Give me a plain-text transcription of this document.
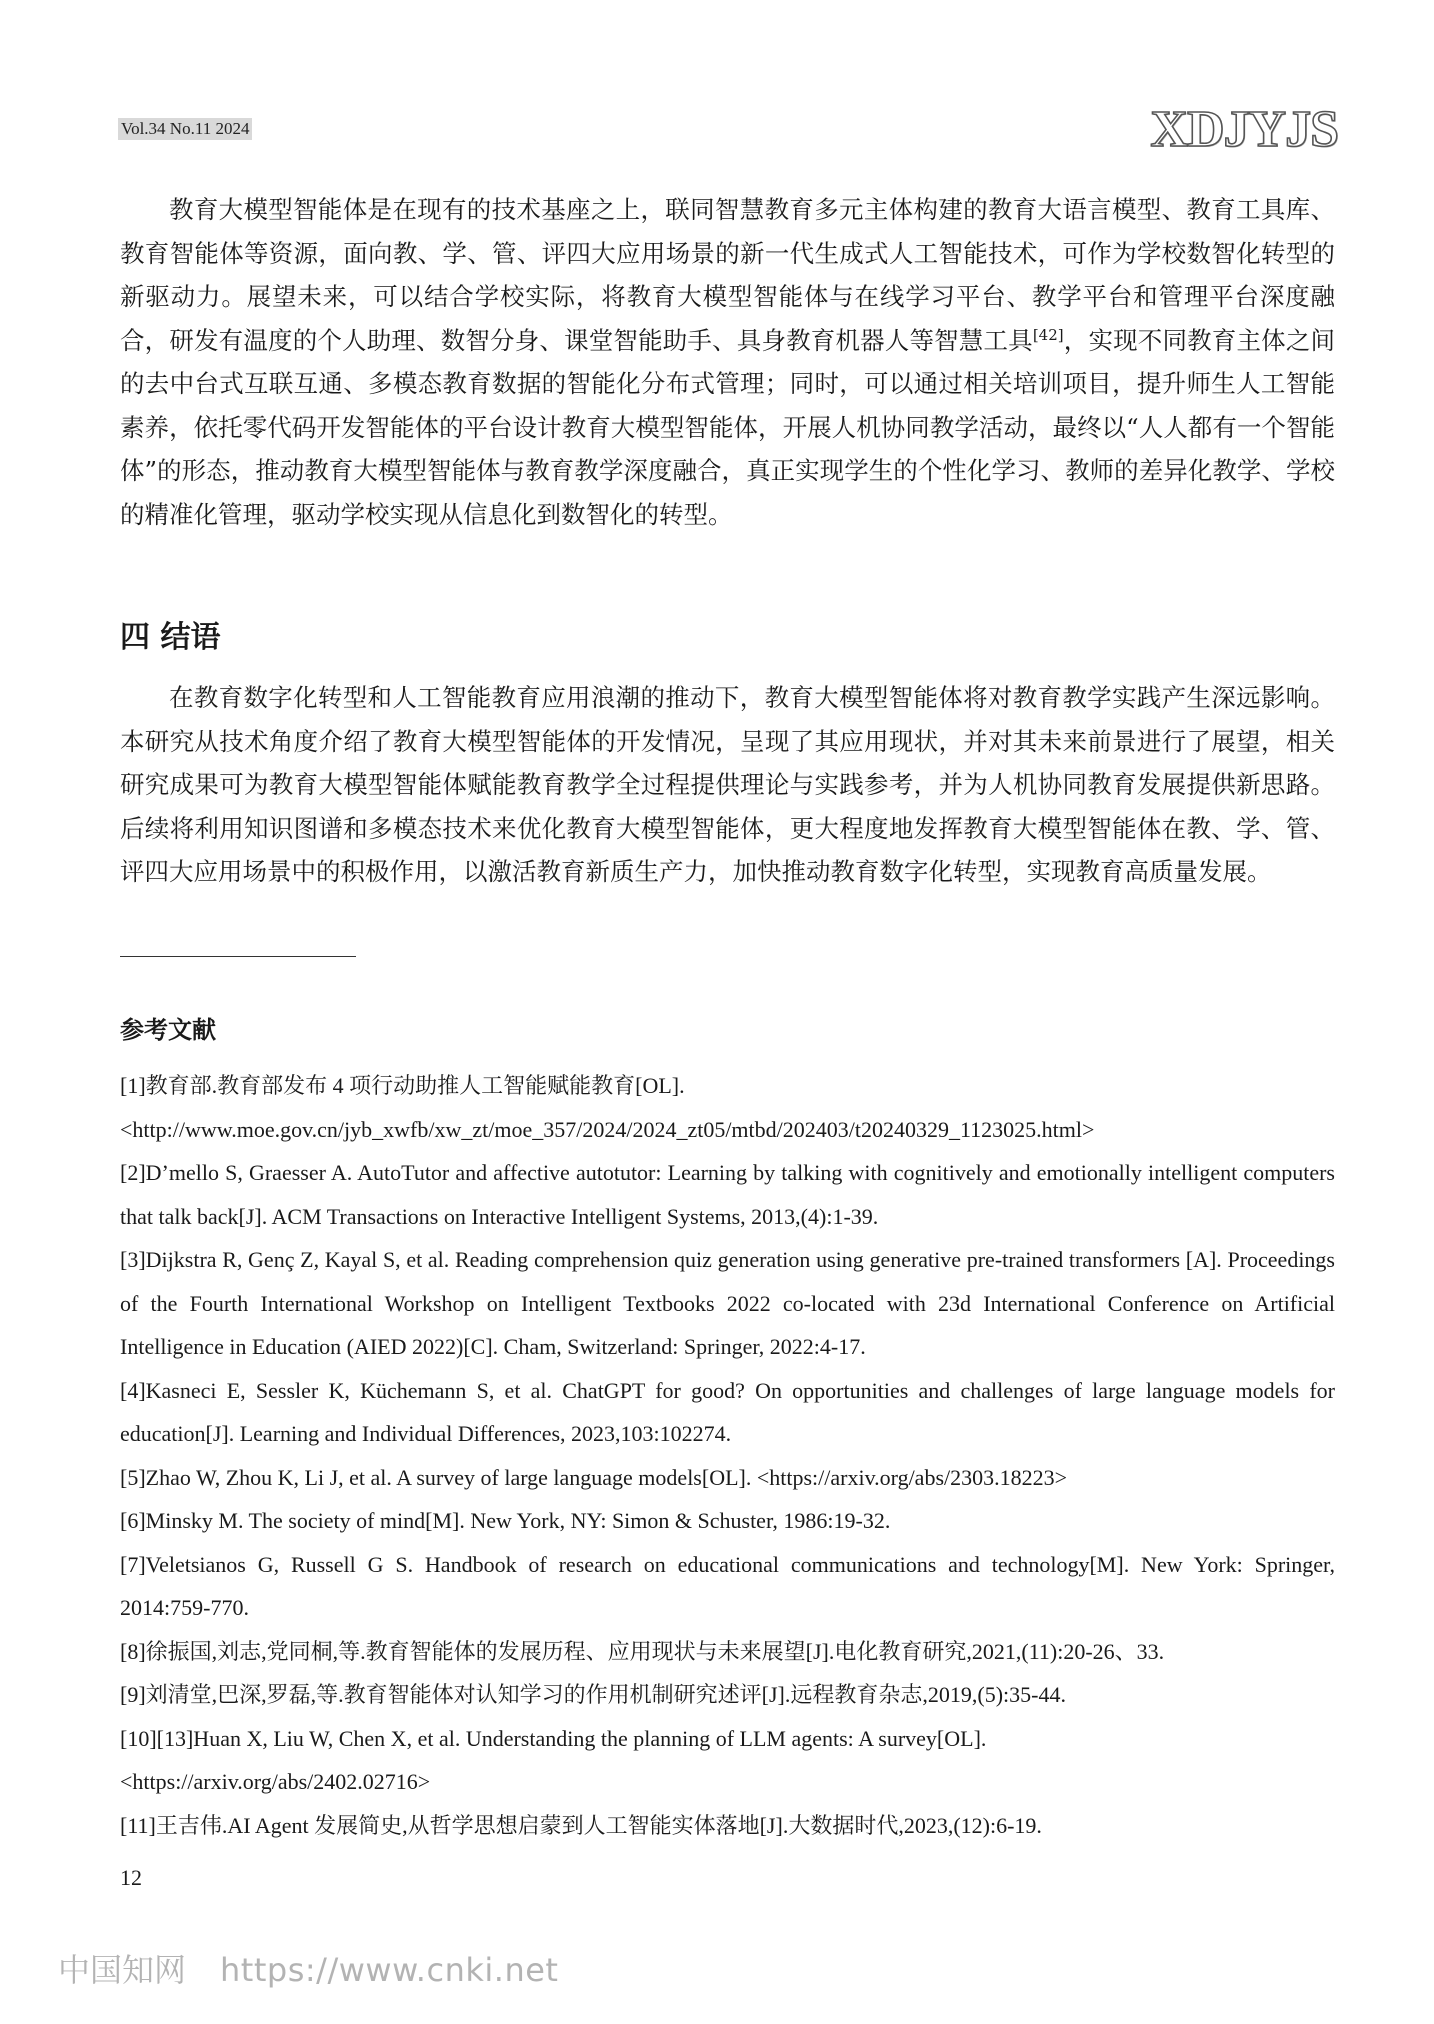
Vol.34 No.11 2024	XDJYJS

教育大模型智能体是在现有的技术基座之上，联同智慧教育多元主体构建的教育大语言模型、教育工具库、教育智能体等资源，面向教、学、管、评四大应用场景的新一代生成式人工智能技术，可作为学校数智化转型的新驱动力。展望未来，可以结合学校实际，将教育大模型智能体与在线学习平台、教学平台和管理平台深度融合，研发有温度的个人助理、数智分身、课堂智能助手、具身教育机器人等智慧工具[42]，实现不同教育主体之间的去中台式互联互通、多模态教育数据的智能化分布式管理；同时，可以通过相关培训项目，提升师生人工智能素养，依托零代码开发智能体的平台设计教育大模型智能体，开展人机协同教学活动，最终以“人人都有一个智能体”的形态，推动教育大模型智能体与教育教学深度融合，真正实现学生的个性化学习、教师的差异化教学、学校的精准化管理，驱动学校实现从信息化到数智化的转型。

四 结语

在教育数字化转型和人工智能教育应用浪潮的推动下，教育大模型智能体将对教育教学实践产生深远影响。本研究从技术角度介绍了教育大模型智能体的开发情况，呈现了其应用现状，并对其未来前景进行了展望，相关研究成果可为教育大模型智能体赋能教育教学全过程提供理论与实践参考，并为人机协同教育发展提供新思路。后续将利用知识图谱和多模态技术来优化教育大模型智能体，更大程度地发挥教育大模型智能体在教、学、管、评四大应用场景中的积极作用，以激活教育新质生产力，加快推动教育数字化转型，实现教育高质量发展。

参考文献

[1]教育部.教育部发布 4 项行动助推人工智能赋能教育[OL].

<http://www.moe.gov.cn/jyb_xwfb/xw_zt/moe_357/2024/2024_zt05/mtbd/202403/t20240329_1123025.html>

[2]D’mello S, Graesser A. AutoTutor and affective autotutor: Learning by talking with cognitively and emotionally intelligent computers that talk back[J]. ACM Transactions on Interactive Intelligent Systems, 2013,(4):1-39.

[3]Dijkstra R, Genç Z, Kayal S, et al. Reading comprehension quiz generation using generative pre-trained transformers [A]. Proceedings of the Fourth International Workshop on Intelligent Textbooks 2022 co-located with 23d International Conference on Artificial Intelligence in Education (AIED 2022)[C]. Cham, Switzerland: Springer, 2022:4-17.

[4]Kasneci E, Sessler K, Küchemann S, et al. ChatGPT for good? On opportunities and challenges of large language models for education[J]. Learning and Individual Differences, 2023,103:102274.

[5]Zhao W, Zhou K, Li J, et al. A survey of large language models[OL]. <https://arxiv.org/abs/2303.18223>

[6]Minsky M. The society of mind[M]. New York, NY: Simon & Schuster, 1986:19-32.

[7]Veletsianos G, Russell G S. Handbook of research on educational communications and technology[M]. New York: Springer, 2014:759-770.

[8]徐振国,刘志,党同桐,等.教育智能体的发展历程、应用现状与未来展望[J].电化教育研究,2021,(11):20-26、33.

[9]刘清堂,巴深,罗磊,等.教育智能体对认知学习的作用机制研究述评[J].远程教育杂志,2019,(5):35-44.

[10][13]Huan X, Liu W, Chen X, et al. Understanding the planning of LLM agents: A survey[OL].

<https://arxiv.org/abs/2402.02716>

[11]王吉伟.AI Agent 发展简史,从哲学思想启蒙到人工智能实体落地[J].大数据时代,2023,(12):6-19.

12
中国知网 https://www.cnki.net
